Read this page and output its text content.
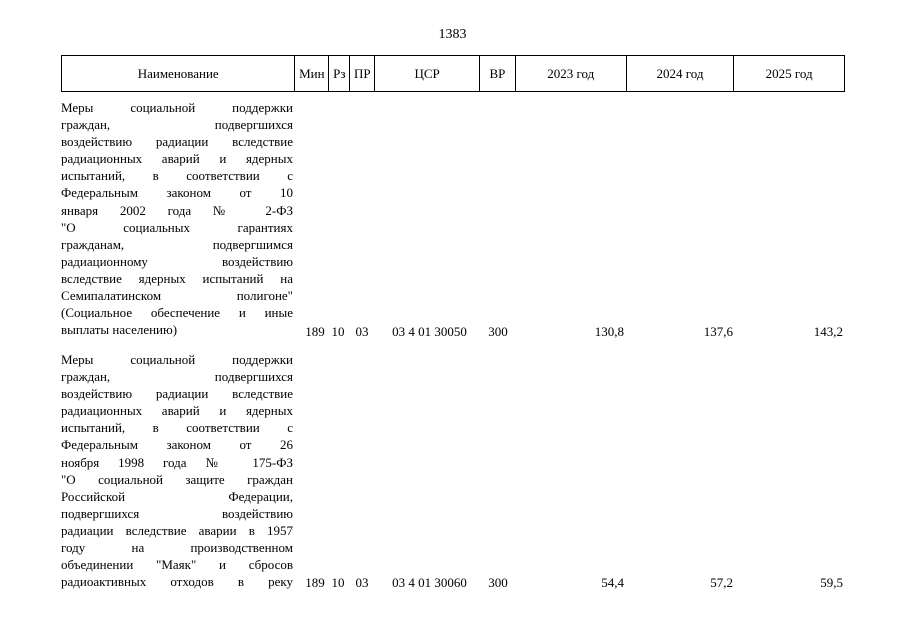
1383
Наименование	Мин Рз ПР	ЦСР	ВР	2023 год	2024 год	2025 год
Меры социальной поддержки
граждан, подвергшихся
воздействию радиации вследствие
радиационных аварий и ядерных
испытаний, в соответствии с
Федеральным законом от 10
января 2002 года № 2-ФЗ
"О социальных гарантиях
гражданам, подвергшимся
радиационному воздействию
вследствие ядерных испытаний на
Семипалатинском полигоне"
(Социальное обеспечение и иные
выплаты населению)	189 10 03	03 4 01 30050	300	130,8	137,6	143,2
Меры социальной поддержки
граждан, подвергшихся
воздействию радиации вследствие
радиационных аварий и ядерных
испытаний, в соответствии с
Федеральным законом от 26
ноября 1998 года № 175-ФЗ
"О социальной защите граждан
Российской Федерации,
подвергшихся воздействию
радиации вследствие аварии в 1957
году на производственном
объединении "Маяк" и сбросов
радиоактивных отходов в реку 189 10 03	03 4 01 30060	300	54,4	57,2	59,5
